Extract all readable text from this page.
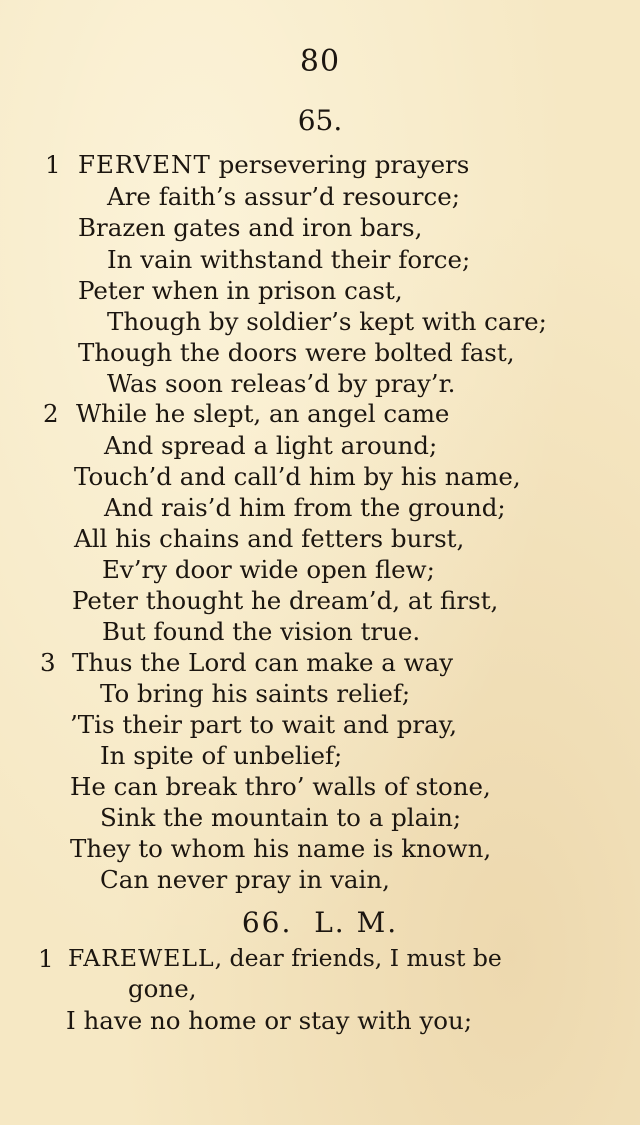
80
65.
1 FERVENT persevering prayers
Are faith’s assur’d resource;
Brazen gates and iron bars,
In vain withstand their force;
Peter when in prison cast,
Though by soldier’s kept with care;
Though the doors were bolted fast,
Was soon releas’d by pray’r.
2 While he slept, an angel came
And spread a light around;
Touch’d and call’d him by his name,
And rais’d him from the ground;
All his chains and fetters burst,
Ev’ry door wide open flew;
Peter thought he dream’d, at first,
But found the vision true.
3 Thus the Lord can make a way
To bring his saints relief;
’Tis their part to wait and pray,
In spite of unbelief;
He can break thro’ walls of stone,
Sink the mountain to a plain;
They to whom his name is known,
Can never pray in vain,
66. L. M.
1 FAREWELL, dear friends, I must be
gone,
I have no home or stay with you;
